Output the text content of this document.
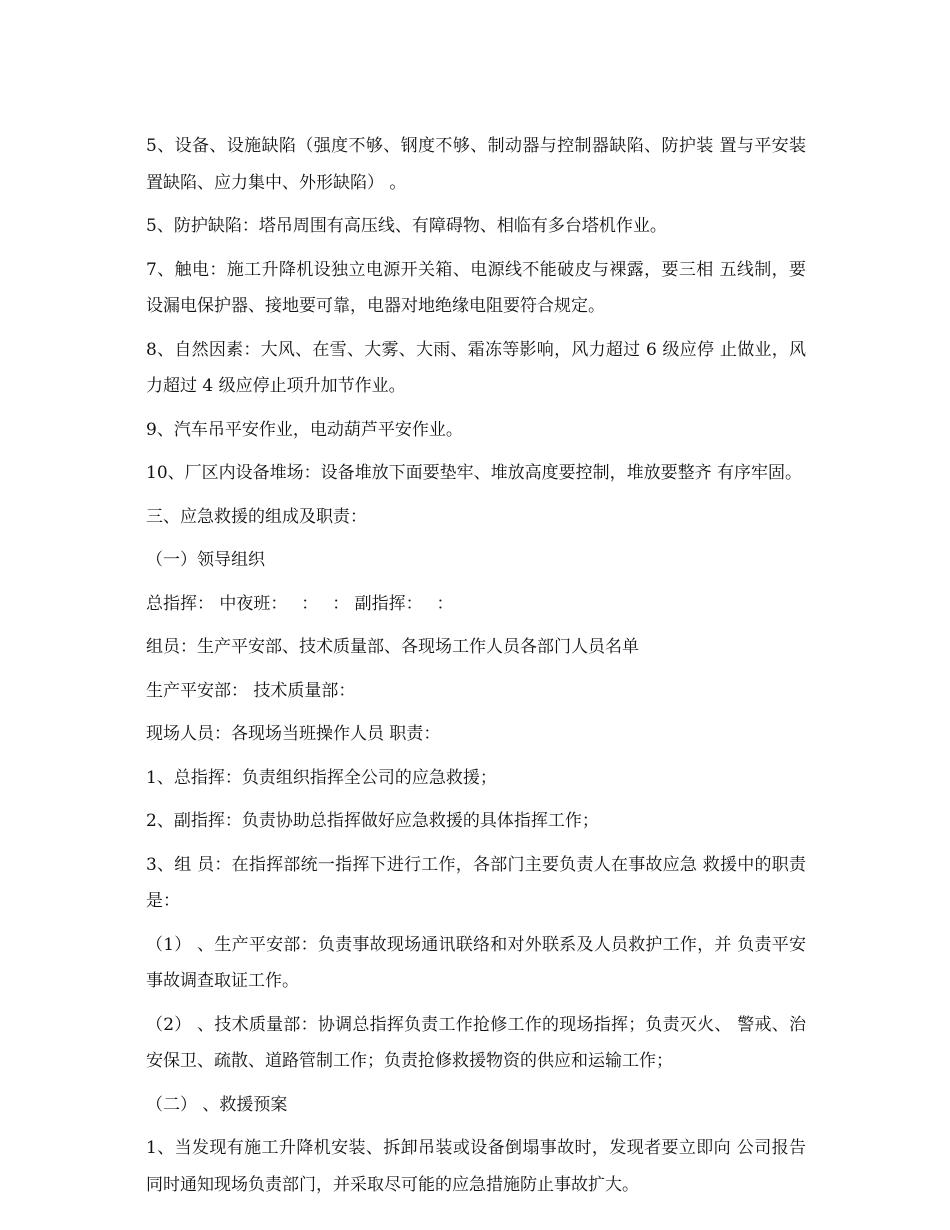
5、设备、设施缺陷（强度不够、钢度不够、制动器与控制器缺陷、防护装 置与平安装置缺陷、应力集中、外形缺陷） 。

5、防护缺陷：塔吊周围有高压线、有障碍物、相临有多台塔机作业。

7、触电：施工升降机设独立电源开关箱、电源线不能破皮与裸露，要三相 五线制，要设漏电保护器、接地要可靠，电器对地绝缘电阻要符合规定。

8、自然因素：大风、在雪、大雾、大雨、霜冻等影响，风力超过 6 级应停 止做业，风力超过 4 级应停止项升加节作业。

9、汽车吊平安作业，电动葫芦平安作业。

10、厂区内设备堆场：设备堆放下面要垫牢、堆放高度要控制，堆放要整齐 有序牢固。

三、应急救援的组成及职责：

（一）领导组织

总指挥： 中夜班：　 ：　 ： 副指挥：　 ：

组员：生产平安部、技术质量部、各现场工作人员各部门人员名单

生产平安部： 技术质量部：

现场人员：各现场当班操作人员 职责：

1、总指挥：负责组织指挥全公司的应急救援；

2、副指挥：负责协助总指挥做好应急救援的具体指挥工作；

3、组 员：在指挥部统一指挥下进行工作，各部门主要负责人在事故应急 救援中的职责是：

（1） 、生产平安部：负责事故现场通讯联络和对外联系及人员救护工作，并 负责平安事故调查取证工作。

（2） 、技术质量部：协调总指挥负责工作抢修工作的现场指挥；负责灭火、 警戒、治安保卫、疏散、道路管制工作；负责抢修救援物资的供应和运输工作；

（二） 、救援预案

1、当发现有施工升降机安装、拆卸吊装或设备倒塌事故时，发现者要立即向 公司报告同时通知现场负责部门，并采取尽可能的应急措施防止事故扩大。
